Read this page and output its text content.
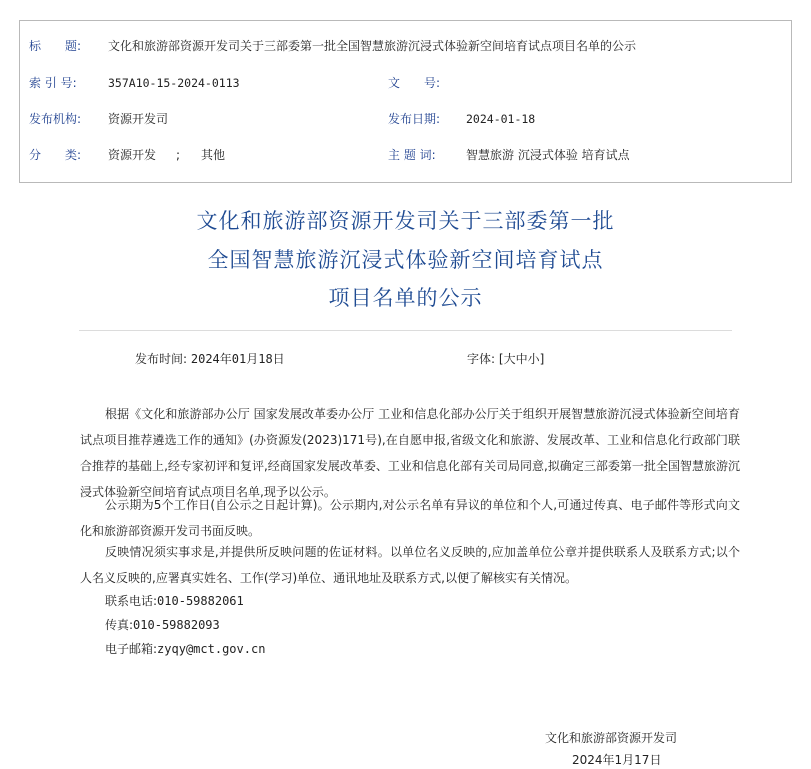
标　　题: 文化和旅游部资源开发司关于三部委第一批全国智慧旅游沉浸式体验新空间培育试点项目名单的公示
索 引 号:	357A10-15-2024-0113	文　　号:
发布机构: 资源开发司	发布日期: 2024-01-18
分　　类: 资源开发 ; 其他	主 题 词:	智慧旅游 沉浸式体验 培育试点
文化和旅游部资源开发司关于三部委第一批
全国智慧旅游沉浸式体验新空间培育试点
项目名单的公示
发布时间: 2024年01月18日	字体: [大中小]
根据《文化和旅游部办公厅 国家发展改革委办公厅 工业和信息化部办公厅关于组织开展智慧旅游沉浸式体验新空间培育试点项目推荐遴选工作的通知》(办资源发(2023)171号),在自愿申报,省级文化和旅游、发展改革、工业和信息化行政部门联合推荐的基础上,经专家初评和复评,经商国家发展改革委、工业和信息化部有关司局同意,拟确定三部委第一批全国智慧旅游沉浸式体验新空间培育试点项目名单,现予以公示。
公示期为5个工作日(自公示之日起计算)。公示期内,对公示名单有异议的单位和个人,可通过传真、电子邮件等形式向文化和旅游部资源开发司书面反映。
反映情况须实事求是,并提供所反映问题的佐证材料。以单位名义反映的,应加盖单位公章并提供联系人及联系方式;以个人名义反映的,应署真实姓名、工作(学习)单位、通讯地址及联系方式,以便了解核实有关情况。
联系电话:010-59882061
传真:010-59882093
电子邮箱:zyqy@mct.gov.cn
文化和旅游部资源开发司
2024年1月17日
